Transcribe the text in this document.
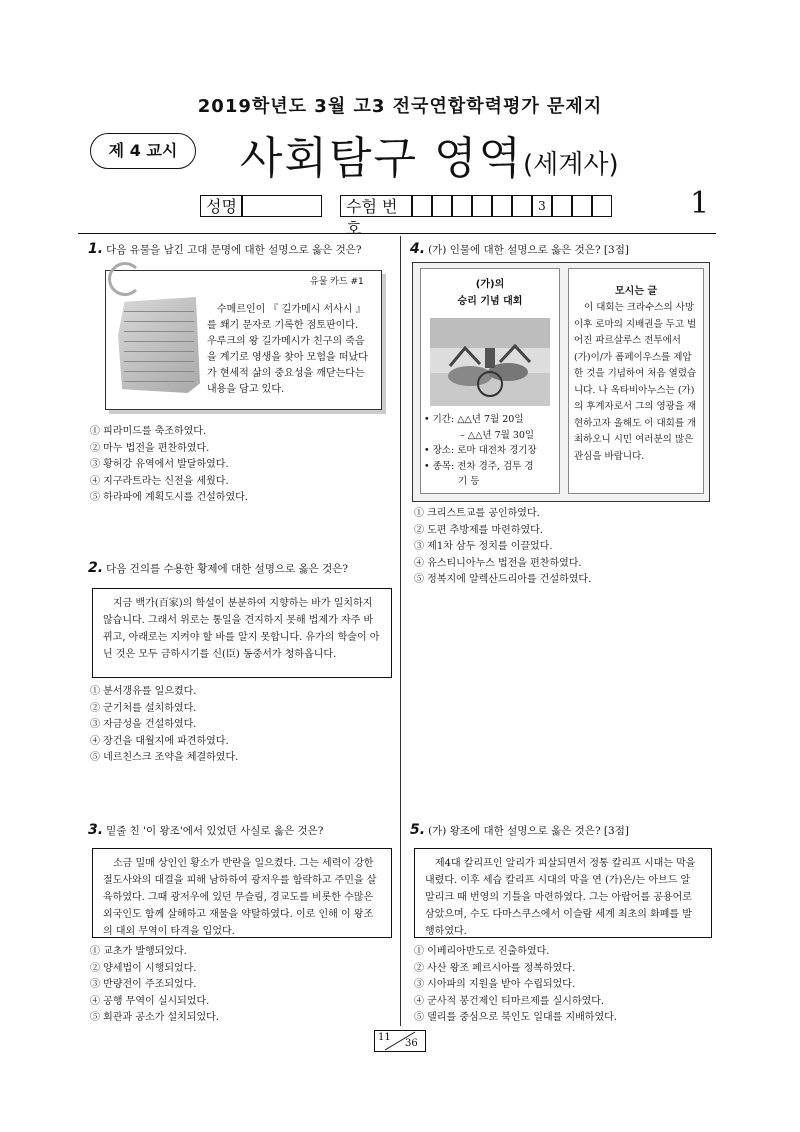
2019학년도 3월 고3 전국연합학력평가 문제지
제 4 교시	사회탐구 영역(세계사)
성명	수험 번호
3	1
1. 다음 유물을 남긴 고대 문명에 대한 설명으로 옳은 것은?
유물 카드 #1
수메르인이 『 길가메시 서사시 』를 쐐기 문자로 기록한 점토판이다. 우루크의 왕 길가메시가 친구의 죽음을 계기로 영생을 찾아 모험을 떠났다가 현세적 삶의 중요성을 깨닫는다는 내용을 담고 있다.
① 피라미드를 축조하였다.
② 마누 법전을 편찬하였다.
③ 황허강 유역에서 발달하였다.
④ 지구라트라는 신전을 세웠다.
⑤ 하라파에 계획도시를 건설하였다.
2. 다음 건의를 수용한 황제에 대한 설명으로 옳은 것은?
지금 백가(百家)의 학설이 분분하여 지향하는 바가 일치하지 않습니다. 그래서 위로는 통일을 견지하지 못해 법제가 자주 바뀌고, 아래로는 지켜야 할 바를 알지 못합니다. 유가의 학술이 아닌 것은 모두 금하시기를 신(臣) 동중서가 청하옵니다.
① 분서갱유를 일으켰다.
② 군기처를 설치하였다.
③ 자금성을 건설하였다.
④ 장건을 대월지에 파견하였다.
⑤ 네르친스크 조약을 체결하였다.
3. 밑줄 친 '이 왕조'에서 있었던 사실로 옳은 것은?
소금 밀매 상인인 황소가 반란을 일으켰다. 그는 세력이 강한 절도사와의 대결을 피해 남하하여 광저우를 함락하고 주민을 살육하였다. 그때 광저우에 있던 무슬림, 경교도를 비롯한 수많은 외국인도 함께 살해하고 재물을 약탈하였다. 이로 인해 이 왕조의 대외 무역이 타격을 입었다.
① 교초가 발행되었다.
② 양세법이 시행되었다.
③ 반량전이 주조되었다.
④ 공행 무역이 실시되었다.
⑤ 회관과 공소가 설치되었다.
4. (가) 인물에 대한 설명으로 옳은 것은? [3점]
(가)의
승리 기념 대회
• 기간: △△년 7월 20일
– △△년 7월 30일
• 장소: 로마 대전차 경기장
• 종목: 전차 경주, 검투 경
기 등
모시는 글
이 대회는 크라수스의 사망 이후 로마의 지배권을 두고 벌어진 파르살루스 전투에서 (가)이/가 폼페이우스를 제압한 것을 기념하여 처음 열렸습니다. 나 옥타비아누스는 (가)의 후계자로서 그의 영광을 재현하고자 올해도 이 대회를 개최하오니 시민 여러분의 많은 관심을 바랍니다.
① 크리스트교를 공인하였다.
② 도편 추방제를 마련하였다.
③ 제1차 삼두 정치를 이끌었다.
④ 유스티니아누스 법전을 편찬하였다.
⑤ 정복지에 알렉산드리아를 건설하였다.
5. (가) 왕조에 대한 설명으로 옳은 것은? [3점]
제4대 칼리프인 알리가 피살되면서 정통 칼리프 시대는 막을 내렸다. 이후 세습 칼리프 시대의 막을 연 (가)은/는 아브드 알 말리크 때 번영의 기틀을 마련하였다. 그는 아랍어를 공용어로 삼았으며, 수도 다마스쿠스에서 이슬람 세계 최초의 화폐를 발행하였다.
① 이베리아반도로 진출하였다.
② 사산 왕조 페르시아를 정복하였다.
③ 시아파의 지원을 받아 수립되었다.
④ 군사적 봉건제인 티마르제를 실시하였다.
⑤ 델리를 중심으로 북인도 일대를 지배하였다.
11
36
